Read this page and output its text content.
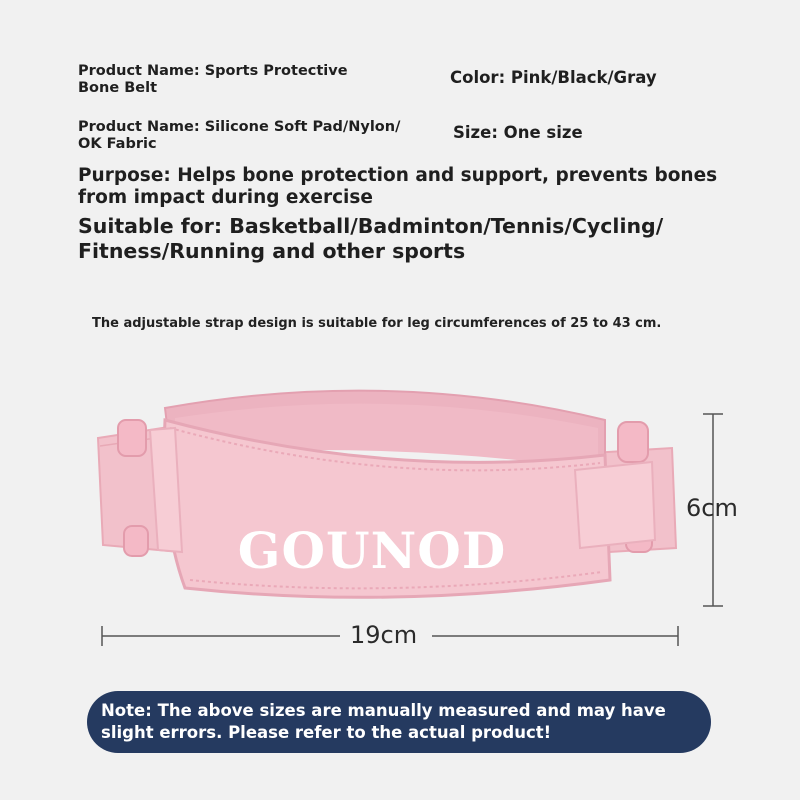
Product Name: Sports Protective Bone Belt
Color: Pink/Black/Gray
Product Name: Silicone Soft Pad/Nylon/ OK Fabric
Size: One size
Purpose: Helps bone protection and support, prevents bones from impact during exercise
Suitable for: Basketball/Badminton/Tennis/Cycling/ Fitness/Running and other sports
The adjustable strap design is suitable for leg circumferences of 25 to 43 cm.
GOUNOD
6cm
19cm
Note: The above sizes are manually measured and may have slight errors. Please refer to the actual product!
